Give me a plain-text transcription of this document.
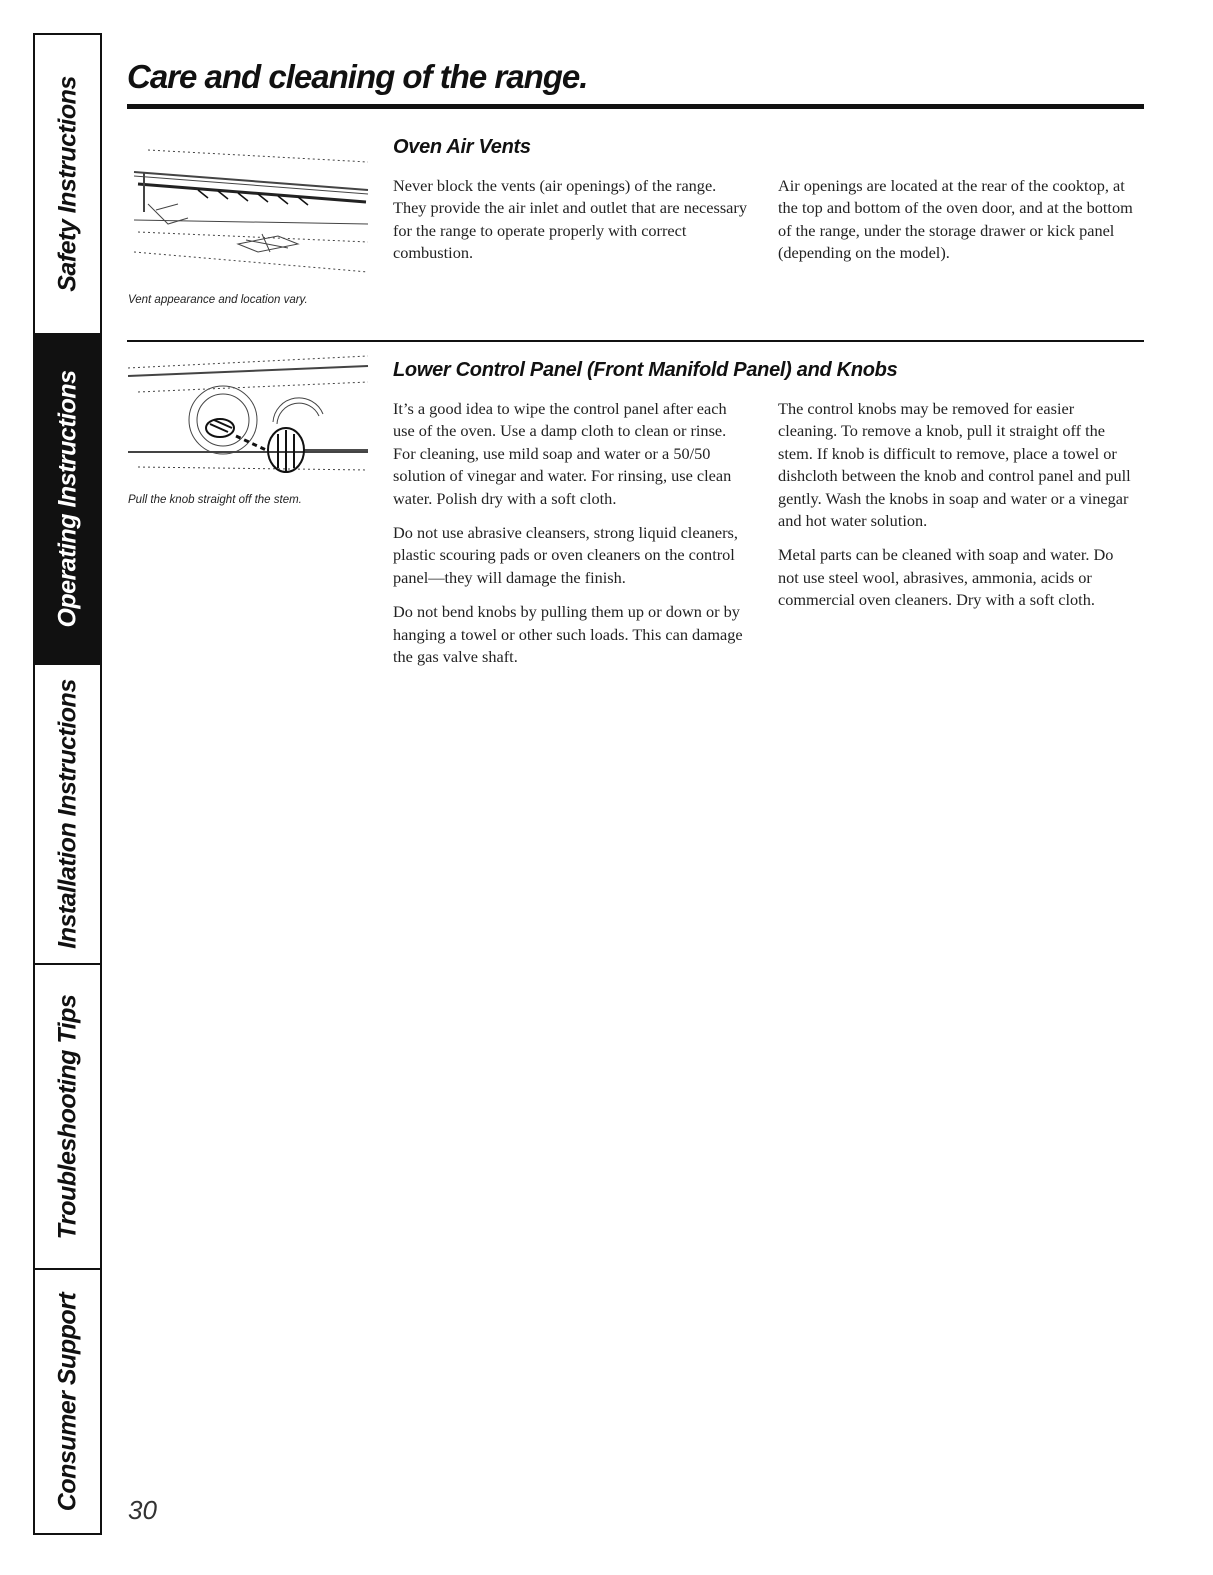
Safety Instructions
Operating Instructions
Installation Instructions
Troubleshooting Tips
Consumer Support
Care and cleaning of the range.
Vent appearance and location vary.
Oven Air Vents

Never block the vents (air openings) of the range. They provide the air inlet and outlet that are necessary for the range to operate properly with correct combustion.

Air openings are located at the rear of the cooktop, at the top and bottom of the oven door, and at the bottom of the range, under the storage drawer or kick panel (depending on the model).

Pull the knob straight off the stem.
Lower Control Panel (Front Manifold Panel) and Knobs

It’s a good idea to wipe the control panel after each use of the oven. Use a damp cloth to clean or rinse. For cleaning, use mild soap and water or a 50/50 solution of vinegar and water. For rinsing, use clean water. Polish dry with a soft cloth.

Do not use abrasive cleansers, strong liquid cleaners, plastic scouring pads or oven cleaners on the control panel—they will damage the finish.

Do not bend knobs by pulling them up or down or by hanging a towel or other such loads. This can damage the gas valve shaft.

The control knobs may be removed for easier cleaning. To remove a knob, pull it straight off the stem. If knob is difficult to remove, place a towel or dishcloth between the knob and control panel and pull gently. Wash the knobs in soap and water or a vinegar and hot water solution.

Metal parts can be cleaned with soap and water. Do not use steel wool, abrasives, ammonia, acids or commercial oven cleaners. Dry with a soft cloth.

30
